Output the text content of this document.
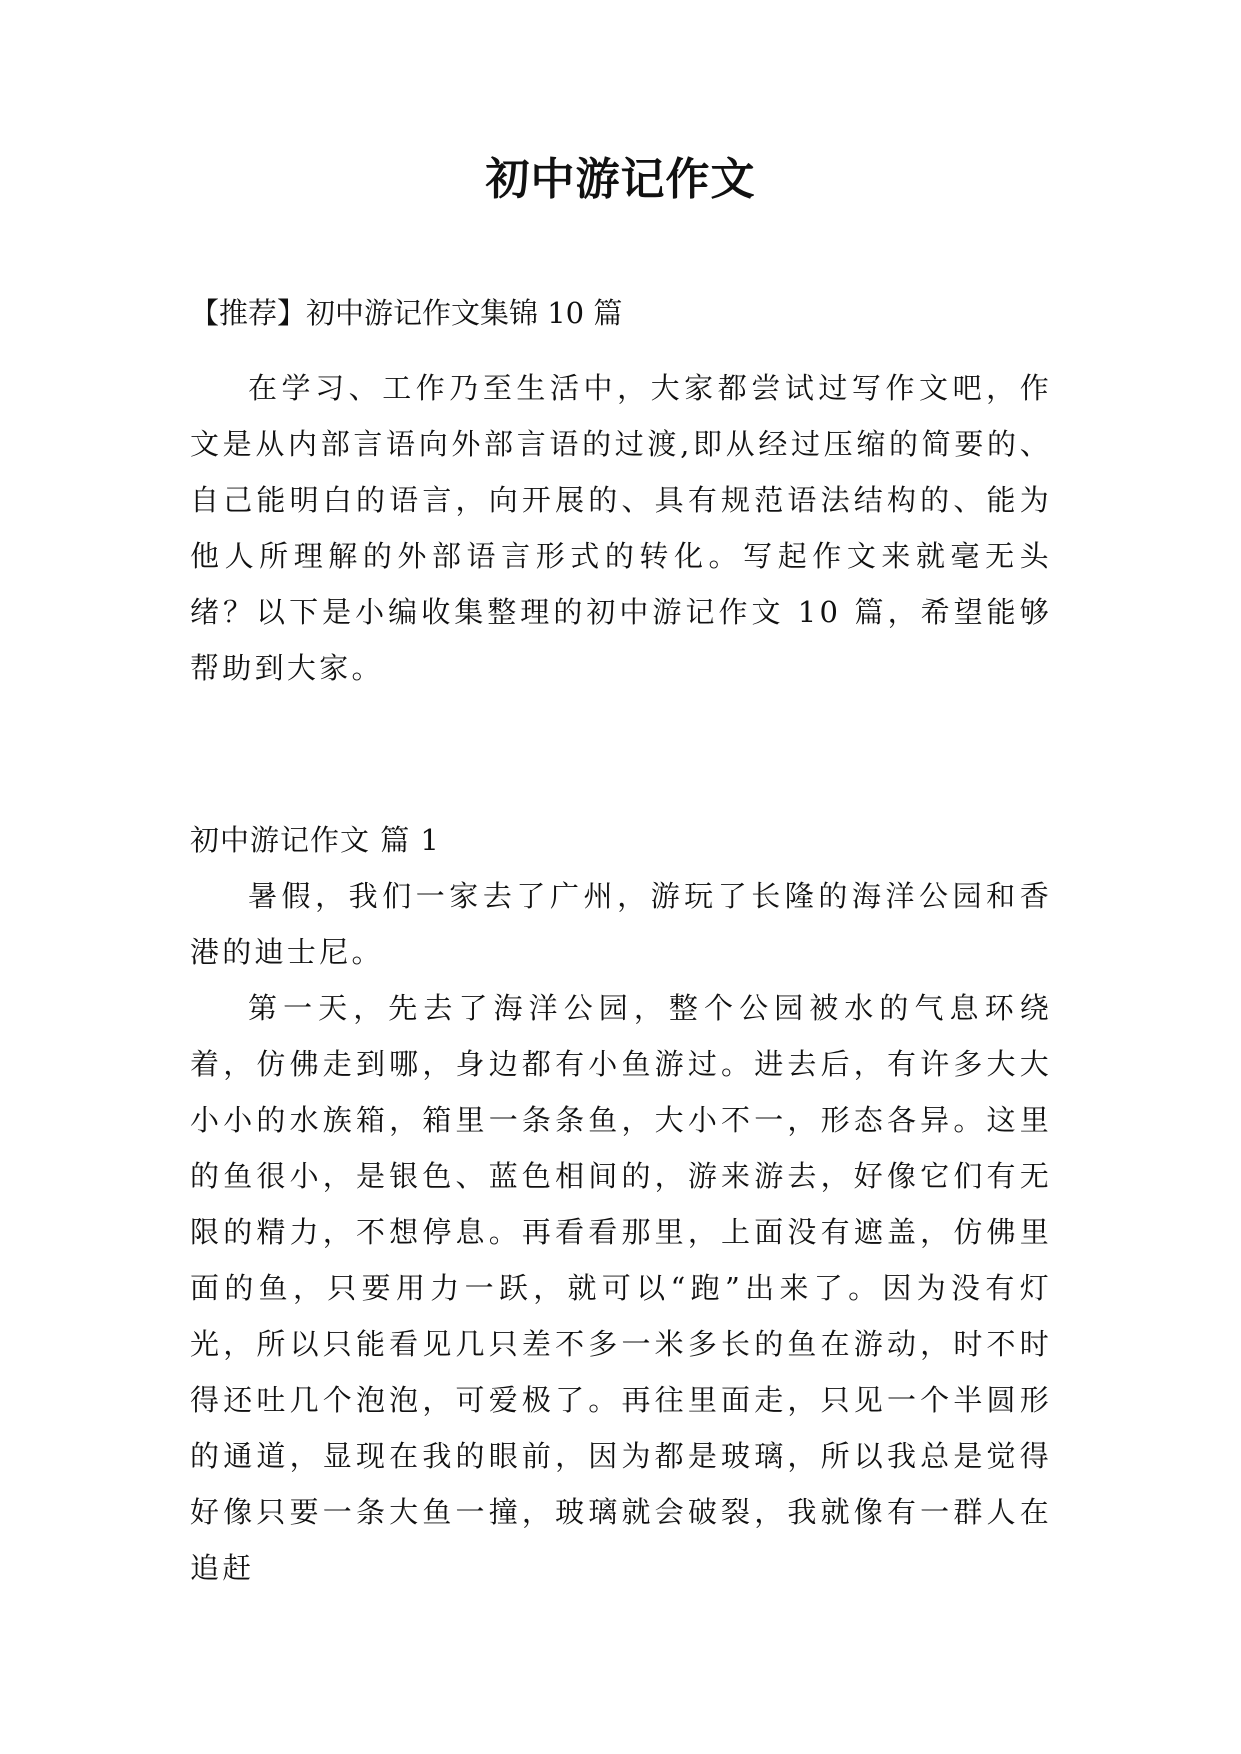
初中游记作文

【推荐】初中游记作文集锦 10 篇

在学习、工作乃至生活中，大家都尝试过写作文吧，作文是从内部言语向外部言语的过渡,即从经过压缩的简要的、自己能明白的语言，向开展的、具有规范语法结构的、能为他人所理解的外部语言形式的转化。写起作文来就毫无头绪？以下是小编收集整理的初中游记作文 10 篇，希望能够帮助到大家。

初中游记作文 篇 1

暑假，我们一家去了广州，游玩了长隆的海洋公园和香港的迪士尼。

第一天，先去了海洋公园，整个公园被水的气息环绕着，仿佛走到哪，身边都有小鱼游过。进去后，有许多大大小小的水族箱，箱里一条条鱼，大小不一，形态各异。这里的鱼很小，是银色、蓝色相间的，游来游去，好像它们有无限的精力，不想停息。再看看那里，上面没有遮盖，仿佛里面的鱼，只要用力一跃，就可以“跑”出来了。因为没有灯光，所以只能看见几只差不多一米多长的鱼在游动，时不时得还吐几个泡泡，可爱极了。再往里面走，只见一个半圆形的通道，显现在我的眼前，因为都是玻璃，所以我总是觉得好像只要一条大鱼一撞，玻璃就会破裂，我就像有一群人在追赶
